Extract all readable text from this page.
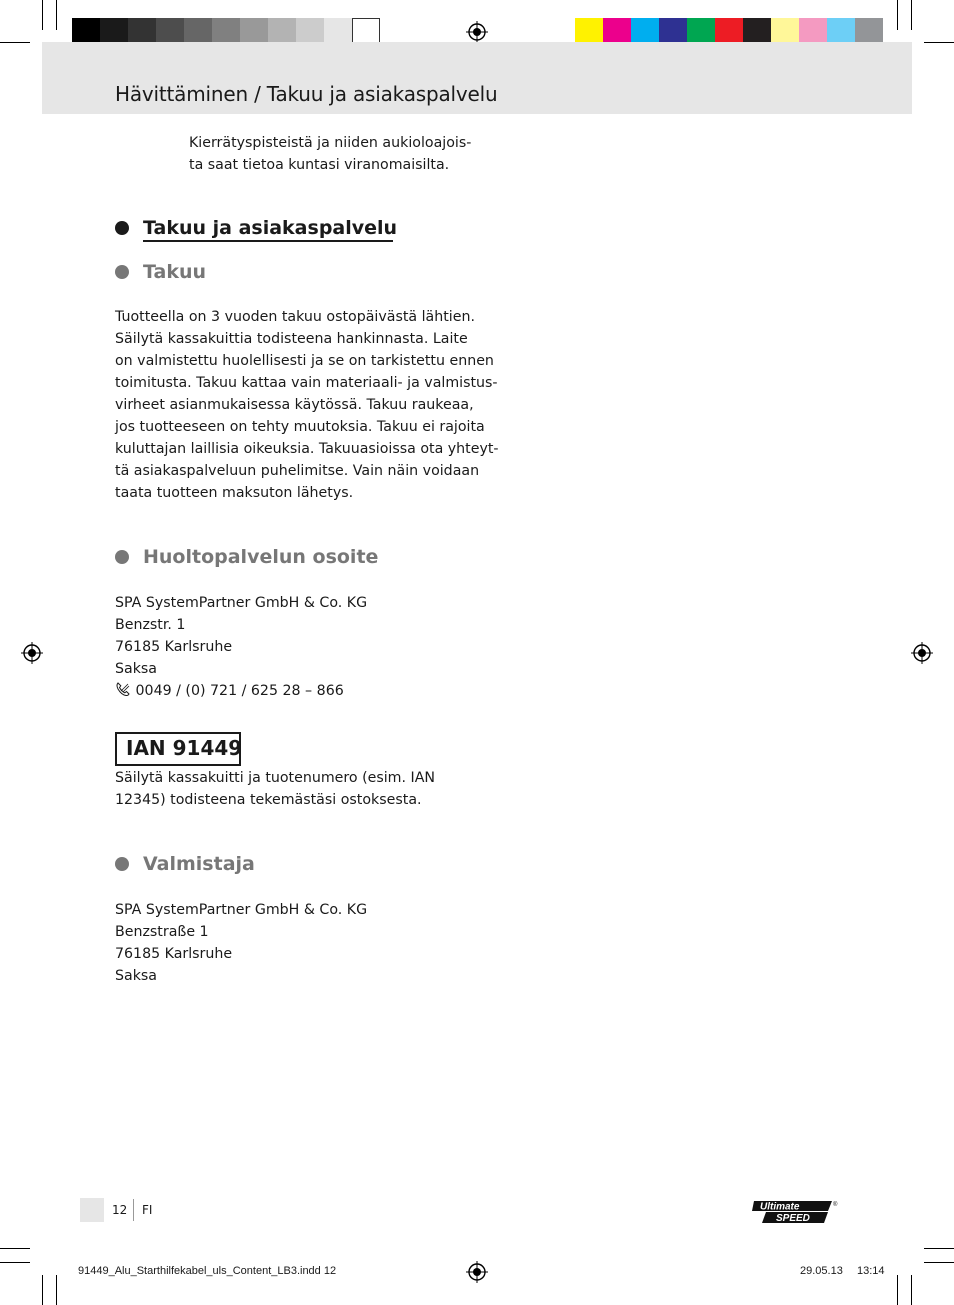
Hävittäminen / Takuu ja asiakaspalvelu
Kierrätyspisteistä ja niiden aukioloajois-
ta saat tietoa kuntasi viranomaisilta.
Takuu ja asiakaspalvelu
Takuu
Tuotteella on 3 vuoden takuu ostopäivästä lähtien.
Säilytä kassakuittia todisteena hankinnasta. Laite
on valmistettu huolellisesti ja se on tarkistettu ennen
toimitusta. Takuu kattaa vain materiaali- ja valmistus-
virheet asianmukaisessa käytössä. Takuu raukeaa,
jos tuotteeseen on tehty muutoksia. Takuu ei rajoita
kuluttajan laillisia oikeuksia. Takuuasioissa ota yhteyt-
tä asiakaspalveluun puhelimitse. Vain näin voidaan
taata tuotteen maksuton lähetys.
Huoltopalvelun osoite
SPA SystemPartner GmbH & Co. KG
Benzstr. 1
76185 Karlsruhe
Saksa
0049 / (0) 721 / 625 28 – 866
IAN 91449
Säilytä kassakuitti ja tuotenumero (esim. IAN
12345) todisteena tekemästäsi ostoksesta.
Valmistaja
SPA SystemPartner GmbH & Co. KG
Benzstraße 1
76185 Karlsruhe
Saksa
12 FI	Ultimate
SPEED
®
91449_Alu_Starthilfekabel_uls_Content_LB3.indd 12	29.05.13 13:14
